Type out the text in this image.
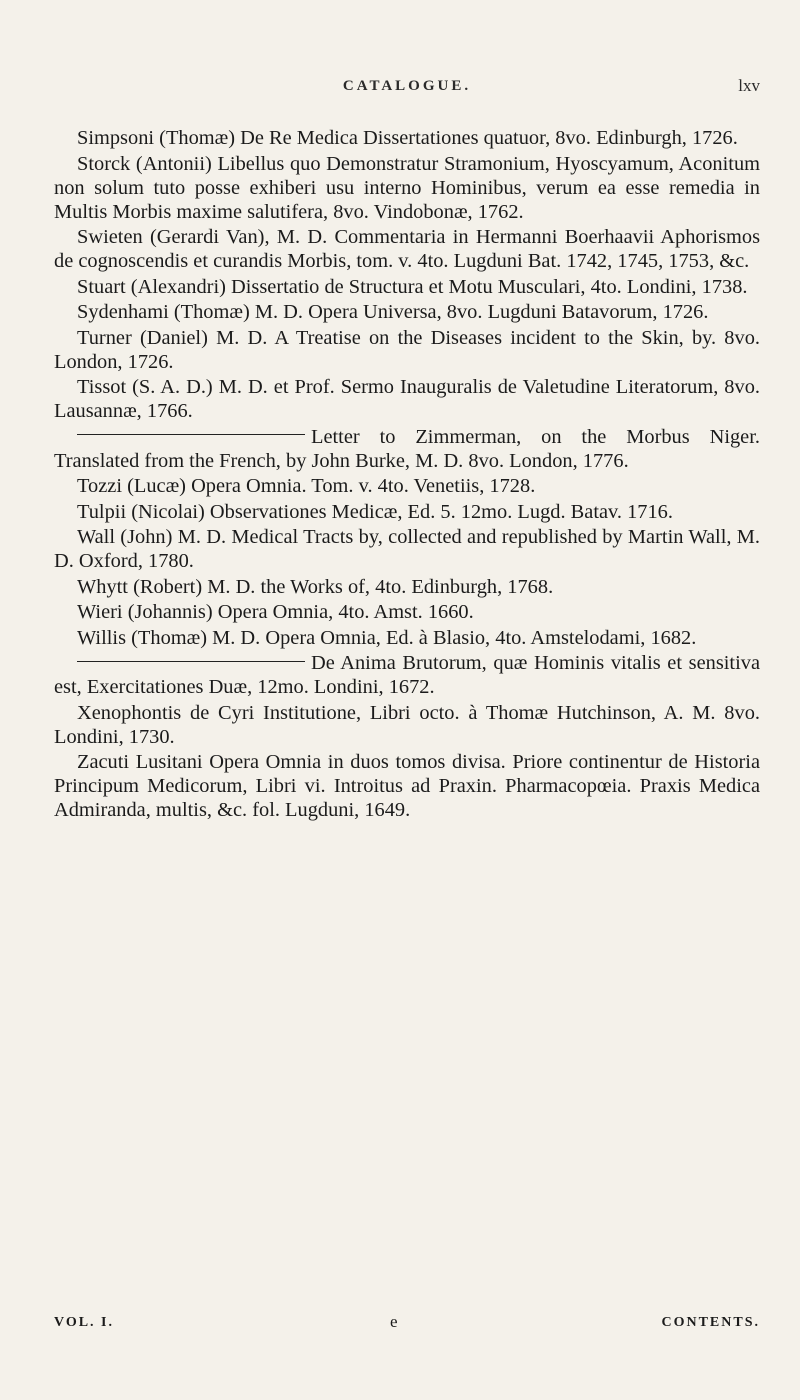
CATALOGUE.	lxv

Simpsoni (Thomæ) De Re Medica Dissertationes quatuor, 8vo. Edinburgh, 1726.

Storck (Antonii) Libellus quo Demonstratur Stramonium, Hyoscyamum, Aconitum non solum tuto posse exhiberi usu interno Hominibus, verum ea esse remedia in Multis Morbis maxime salutifera, 8vo. Vindobonæ, 1762.

Swieten (Gerardi Van), M. D. Commentaria in Hermanni Boerhaavii Aphorismos de cognoscendis et curandis Morbis, tom. v. 4to. Lugduni Bat. 1742, 1745, 1753, &c.

Stuart (Alexandri) Dissertatio de Structura et Motu Musculari, 4to. Londini, 1738.

Sydenhami (Thomæ) M. D. Opera Universa, 8vo. Lugduni Batavorum, 1726.

Turner (Daniel) M. D. A Treatise on the Diseases incident to the Skin, by. 8vo. London, 1726.

Tissot (S. A. D.) M. D. et Prof. Sermo Inauguralis de Valetudine Literatorum, 8vo. Lausannæ, 1766.

Letter to Zimmerman, on the Morbus Niger. Translated from the French, by John Burke, M. D. 8vo. London, 1776.

Tozzi (Lucæ) Opera Omnia. Tom. v. 4to. Venetiis, 1728.

Tulpii (Nicolai) Observationes Medicæ, Ed. 5. 12mo. Lugd. Batav. 1716.

Wall (John) M. D. Medical Tracts by, collected and republished by Martin Wall, M. D. Oxford, 1780.

Whytt (Robert) M. D. the Works of, 4to. Edinburgh, 1768.

Wieri (Johannis) Opera Omnia, 4to. Amst. 1660.

Willis (Thomæ) M. D. Opera Omnia, Ed. à Blasio, 4to. Amstelodami, 1682.

De Anima Brutorum, quæ Hominis vitalis et sensitiva est, Exercitationes Duæ, 12mo. Londini, 1672.

Xenophontis de Cyri Institutione, Libri octo. à Thomæ Hutchinson, A. M. 8vo. Londini, 1730.

Zacuti Lusitani Opera Omnia in duos tomos divisa. Priore continentur de Historia Principum Medicorum, Libri vi. Introitus ad Praxin. Pharmacopœia. Praxis Medica Admiranda, multis, &c. fol. Lugduni, 1649.

VOL. I.	e	CONTENTS.
